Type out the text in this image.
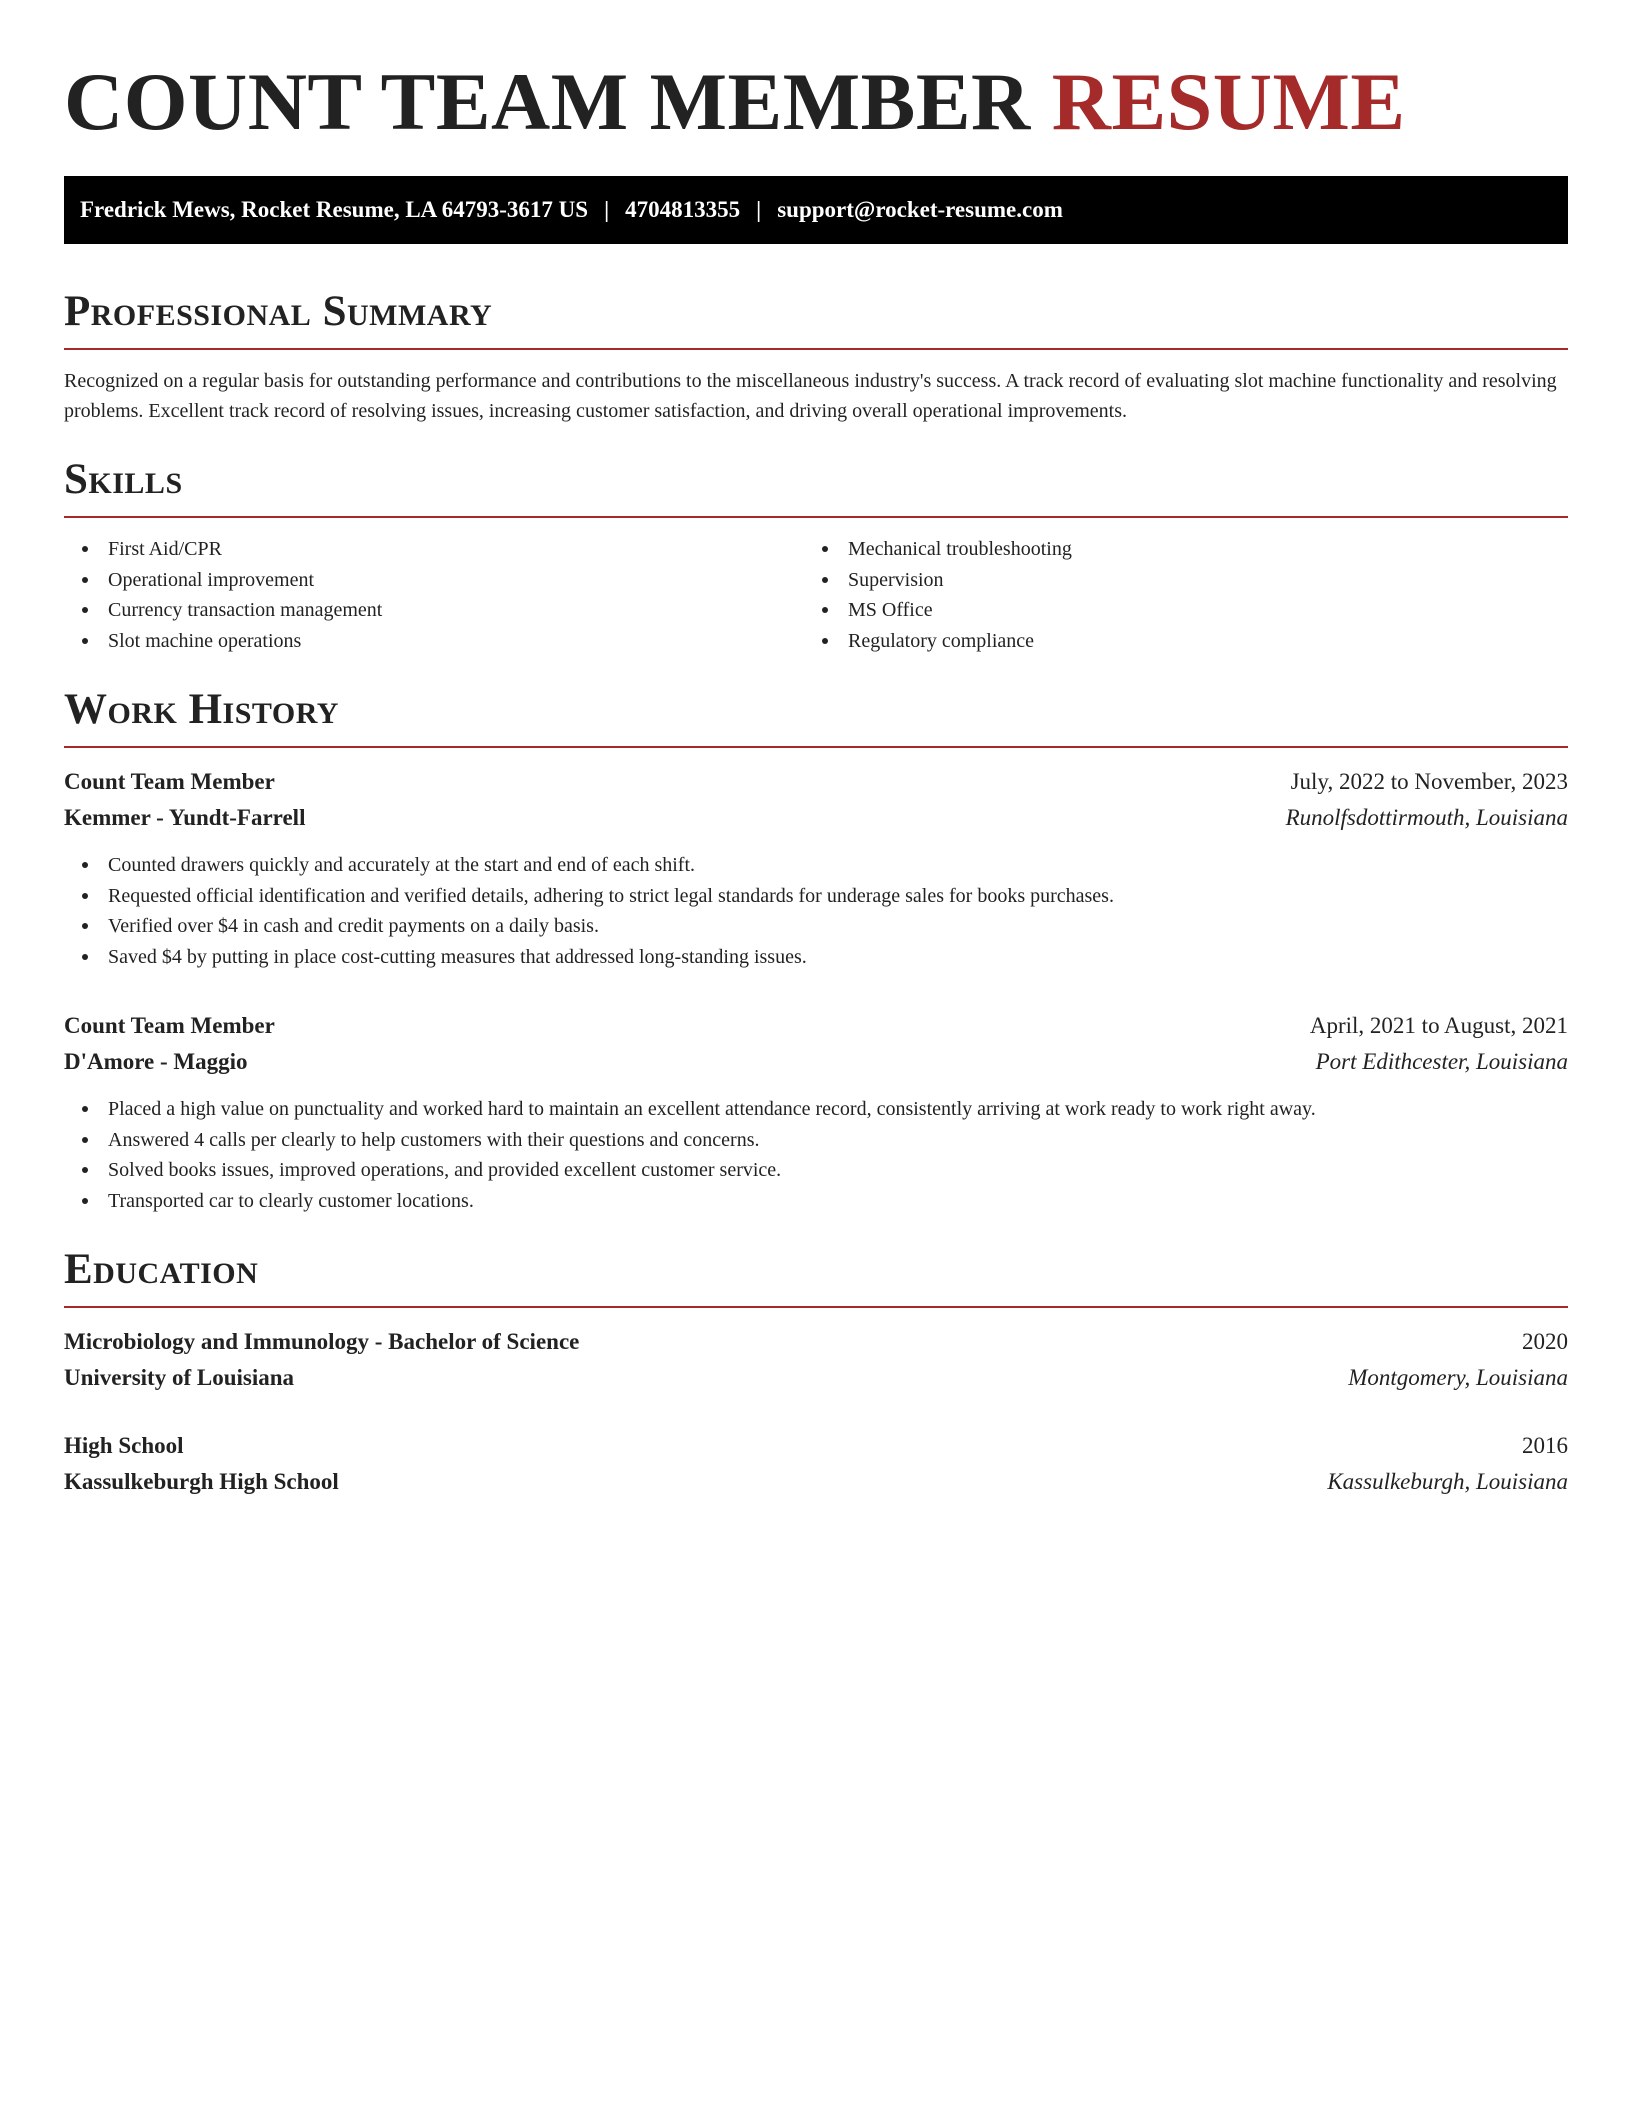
COUNT TEAM MEMBER RESUME
Fredrick Mews, Rocket Resume, LA 64793-3617 US | 4704813355 | support@rocket-resume.com
Professional Summary

Recognized on a regular basis for outstanding performance and contributions to the miscellaneous industry's success. A track record of evaluating slot machine functionality and resolving problems. Excellent track record of resolving issues, increasing customer satisfaction, and driving overall operational improvements.

Skills
First Aid/CPR
Operational improvement
Currency transaction management
Slot machine operations
Mechanical troubleshooting
Supervision
MS Office
Regulatory compliance
Work History
Count Team Member	July, 2022 to November, 2023
Kemmer - Yundt-Farrell	Runolfsdottirmouth, Louisiana
Counted drawers quickly and accurately at the start and end of each shift.
Requested official identification and verified details, adhering to strict legal standards for underage sales for books purchases.
Verified over $4 in cash and credit payments on a daily basis.
Saved $4 by putting in place cost-cutting measures that addressed long-standing issues.
Count Team Member	April, 2021 to August, 2021
D'Amore - Maggio	Port Edithcester, Louisiana
Placed a high value on punctuality and worked hard to maintain an excellent attendance record, consistently arriving at work ready to work right away.
Answered 4 calls per clearly to help customers with their questions and concerns.
Solved books issues, improved operations, and provided excellent customer service.
Transported car to clearly customer locations.
Education
Microbiology and Immunology - Bachelor of Science	2020
University of Louisiana	Montgomery, Louisiana
High School	2016
Kassulkeburgh High School	Kassulkeburgh, Louisiana
